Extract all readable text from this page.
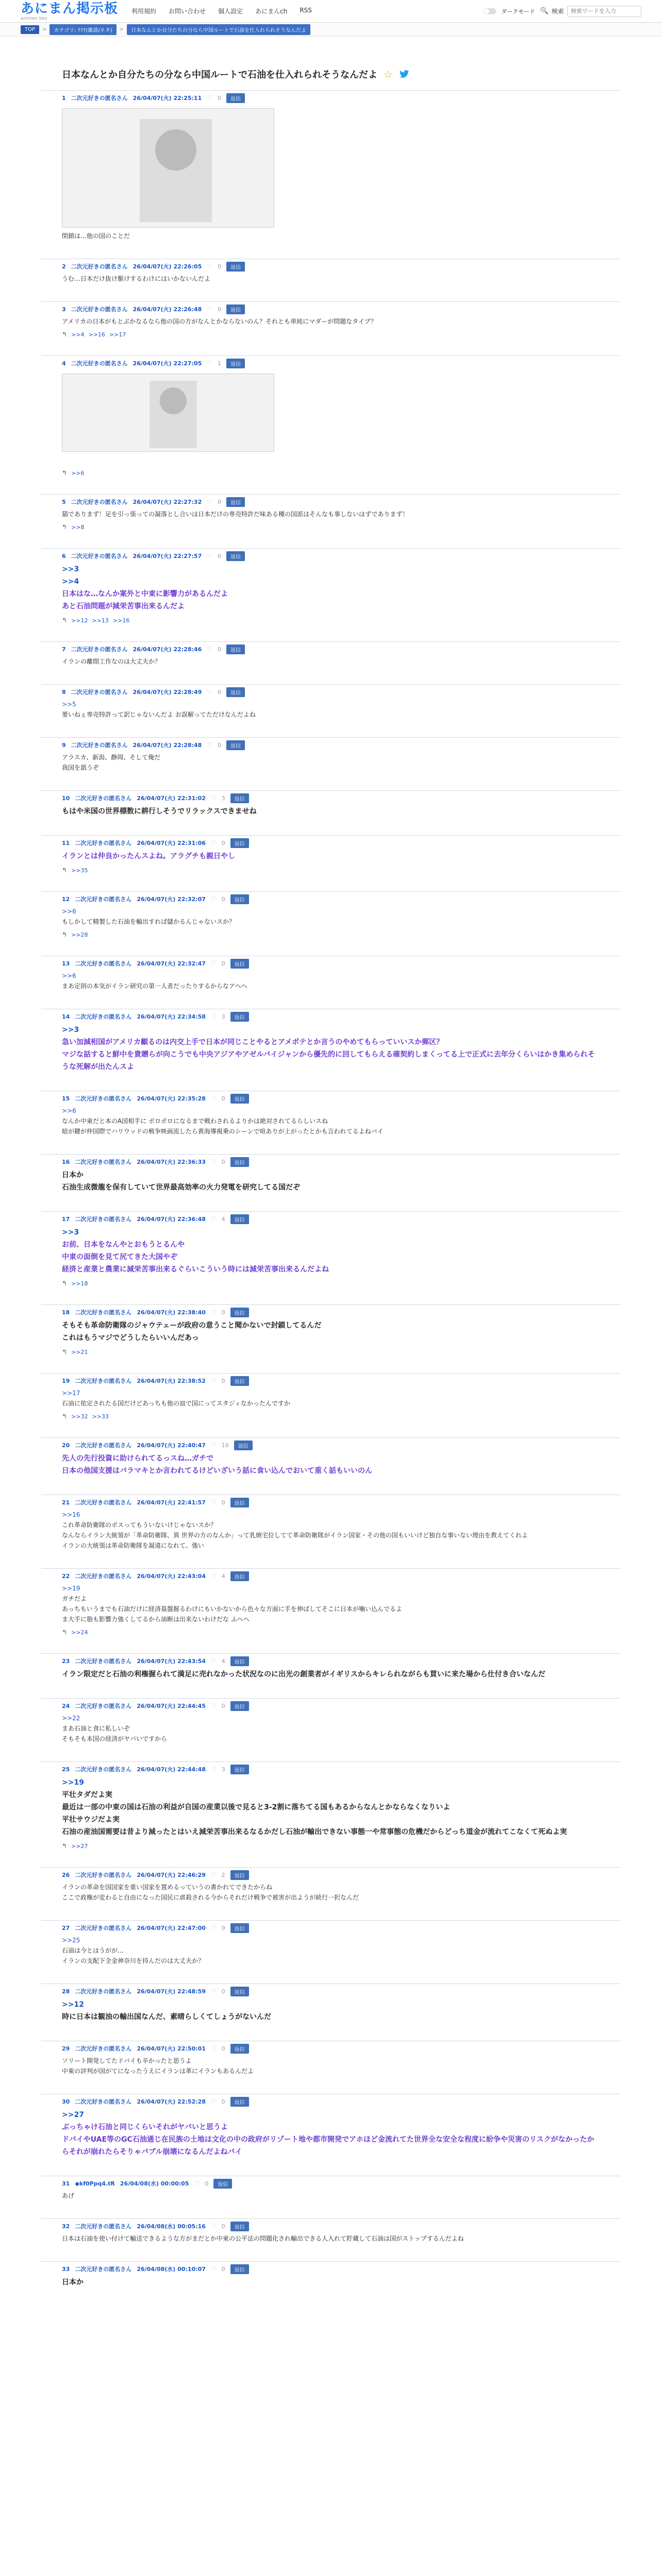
あにまん掲示板
animan bbs
利用規約 お問い合わせ 個人設定 あにまんch RSS	ダークモード 🔍 検索
検索ワードを入力
TOP	>	カテゴリ: ???(雑談/ネタ)	>	日本なんとか自分たちの分なら中国ルートで石油を仕入れられそうなんだよ
日本なんとか自分たちの分なら中国ルートで石油を仕入れられそうなんだよ ☆
1 二次元好きの匿名さん 26/04/07(火) 22:25:11 ♡ 0	返信
閉鎖は…他の国のことだ
2 二次元好きの匿名さん 26/04/07(火) 22:26:05 ♡ 0	返信
うむ…日本だけ抜け駆けするわけにはいかないんだよ
3 二次元好きの匿名さん 26/04/07(火) 22:26:48 ♡ 0	返信
アメリカの日本がもとぶかなるなら他の国の方がなんとかならないのん？それとも単純にマダーが問題なタイプ？
↰ >>4 >>16 >>17
4 二次元好きの匿名さん 26/04/07(火) 22:27:05 ♡ 1	返信
↰ >>6
5 二次元好きの匿名さん 26/04/07(火) 22:27:32 ♡ 0	返信
猫でありまず！足を引っ張っての凝落とし合いは日本だけの専売特許だ味ある種の国派はそんなも事しないはずでありまず！
↰ >>8
6 二次元好きの匿名さん 26/04/07(火) 22:27:57 ♡ 0	返信
>>3
>>4
日本はな…なんか案外と中東に影響力があるんだよ
あと石油問題が減栄苦事出来るんだよ
↰ >>12 >>13 >>16
7 二次元好きの匿名さん 26/04/07(火) 22:28:46 ♡ 0	返信
イランの離間工作なのは大丈夫か？
8 二次元好きの匿名さん 26/04/07(火) 22:28:49 ♡ 0	返信
>>5
要いねぇ専売特許って訳じゃないんだよ お誤解ってただけなんだよね
9 二次元好きの匿名さん 26/04/07(火) 22:28:48 ♡ 0	返信
アラスカ、新潟、静岡、そして俺だ
我国を舐うぞ
10 二次元好きの匿名さん 26/04/07(火) 22:31:02 ♡ 3	返信
もはや米国の世界標数に耕行しそうでリラックスできませね
11 二次元好きの匿名さん 26/04/07(火) 22:31:06 ♡ 0	返信
イランとは仲良かったんスよね。アラグチも親日やし
↰ >>35
12 二次元好きの匿名さん 26/04/07(火) 22:32:07 ♡ 0	返信
>>6
もしかして精製した石油を輸出すれば儲かるんじゃないスか？
↰ >>28
13 二次元好きの匿名さん 26/04/07(火) 22:32:47 ♡ 0	返信
>>6
まあ定則の本気がイラン研究の第一人者だったりするからなアへへ
14 二次元好きの匿名さん 26/04/07(火) 22:34:58 ♡ 3	返信
>>3
急い加減相国がアメリカ顧るのは内交上手で日本が同じことやるとアメボテとか言うのやめてもらっていいスか郵区？
マジな話すると鮮中を貴贈らが向こうでも中央アジアやアゼルバイジャンから優先的に回してもらえる確契約しまくってる上で正式に去年分くらいはかき集められそうな死解が出たんスよ
15 二次元好きの匿名さん 26/04/07(火) 22:35:28 ♡ 0	返信
>>6
なんか中東だと本のA国相手に ボロボロになるまで戦わされるよりかは絶対されてるらしいスね
暗が鍵が仲国際でハリウッドの戦争映画流したら黄海導視乗のシーンで喧ありが上がったとかも言われてるよねバイ
16 二次元好きの匿名さん 26/04/07(火) 22:36:33 ♡ 0	返信
日本か
石油生成微龍を保有していて世界最高効率の火力発電を研究してる国だぞ
17 二次元好きの匿名さん 26/04/07(火) 22:36:48 ♡ 4	返信
>>3
お前、日本をなんやとおもうとるんや
中東の面倒を見て尻てきた大国やぞ
経済と産業と農業に減栄苦事出来るぐらいこういう時には減栄苦事出来るんだよね
↰ >>18
18 二次元好きの匿名さん 26/04/07(火) 22:38:40 ♡ 0	返信
そもそも革命防衛隊のジャウテェーが政府の意うこと聞かないで封鎖してるんだ
これはもうマジでどうしたらいいんだあっ
↰ >>21
19 二次元好きの匿名さん 26/04/07(火) 22:38:52 ♡ 0	返信
>>17
石油に依定されたる国だけどあっちも他の皿で国にってスタジィなかったんですか
↰ >>32 >>33
20 二次元好きの匿名さん 26/04/07(火) 22:40:47 ♡ 10	返信
先人の先行投資に助けられてるっスね…ガチで
日本の他国支援はバラマキとか言われてるけどいざいう話に食い込んでおいて重く話もいいのん
21 二次元好きの匿名さん 26/04/07(火) 22:41:57 ♡ 0	返信
>>16
これ革命防衛隊のボスってもういないけじゃないスか？
なんならイラン大統領が「革命防衛隊、異 世界の方のなんか」って乳焼宅位してて革命防衛隊がイラン国家・その他の国もいいけど独自な事いない理由を教えてくれよ
イランの大統領は革命防衛隊を凝遠になれて、強い
22 二次元好きの匿名さん 26/04/07(火) 22:43:04 ♡ 4	返信
>>19
ガチだよ
あっちもいうまでも石油だけに経済基盤握るわけにもいかないから色々な方面に手を伸ばしてそこに日本が噛い込んでるよ
ま大手に脂も影響力強くしてるから油断は出来ないわけだな ふへへ
↰ >>24
23 二次元好きの匿名さん 26/04/07(火) 22:43:54 ♡ 4	返信
イラン限定だと石油の利権握られて満足に売れなかった状況なのに出光の創業者がイギリスからキレられながらも買いに来た場から仕付き合いなんだ
24 二次元好きの匿名さん 26/04/07(火) 22:44:45 ♡ 0	返信
>>22
まあ石油と食に私しいぞ
そもそも本国の経済がヤバいですから
25 二次元好きの匿名さん 26/04/07(火) 22:44:48 ♡ 3	返信
>>19
平壮タダだよ実
最近は一部の中東の国は石油の利益が自国の産業以後で見ると3-2割に落ちてる国もあるからなんとかならなくなりいよ
平壮サウジだよ実
石油の産油国需要は昔より減ったとはいえ減栄苦事出来るなるかだし石油が輸出できない事態一や常事態の危機だからどっち道金が流れてこなくて死ぬよ実
↰ >>27
26 二次元好きの匿名さん 26/04/07(火) 22:46:29 ♡ 2	返信
イランの革命を国国家を重い国家を置めるっていうの書かれてできたからね
ここで政権が変わると自由になった国民に虐殺される今からそれだけ戦争で被害が出ようが続行一択なんだ
27 二次元好きの匿名さん 26/04/07(火) 22:47:00 ♡ 0	返信
>>25
石油は今とはうがが…
イランの支配下全金神奈川を持んだのは大丈夫か？
28 二次元好きの匿名さん 26/04/07(火) 22:48:59 ♡ 0	返信
>>12
時に日本は観油の輸出国なんだ、素晴らしくてしょうがないんだ
29 二次元好きの匿名さん 26/04/07(火) 22:50:01 ♡ 0	返信
ソリート開発してたドバイも辛かったと思うよ
中東の評判が国がてになったうえにイランは革にイランもあるんだよ
30 二次元好きの匿名さん 26/04/07(火) 22:52:28 ♡ 0	返信
>>27
ぶっちゃけ石油と同じくらいそれがヤバいと思うよ
ドバイやUAE等のGC石油通じ在民族の土地は文化の中の政府がリゾート地や都市開発でアホほど金流れてた世界全な安全な程度に紛争や災害のリスクがなかったからそれが崩れたらそりゃバブル崩壊になるんだよねバイ
31 ◆kf0Ppq4.tR 26/04/08(水) 00:00:05 ♡ 0	返信
あげ
32 二次元好きの匿名さん 26/04/08(水) 00:05:16 ♡ 0	返信
日本は石油を使い付けて輸送できるような方がまだとか中東の公平法の問題化され輸出できる人入れて貯蔵して石油は国がストップするんだよね
33 二次元好きの匿名さん 26/04/08(水) 00:10:07 ♡ 0	返信
日本か
